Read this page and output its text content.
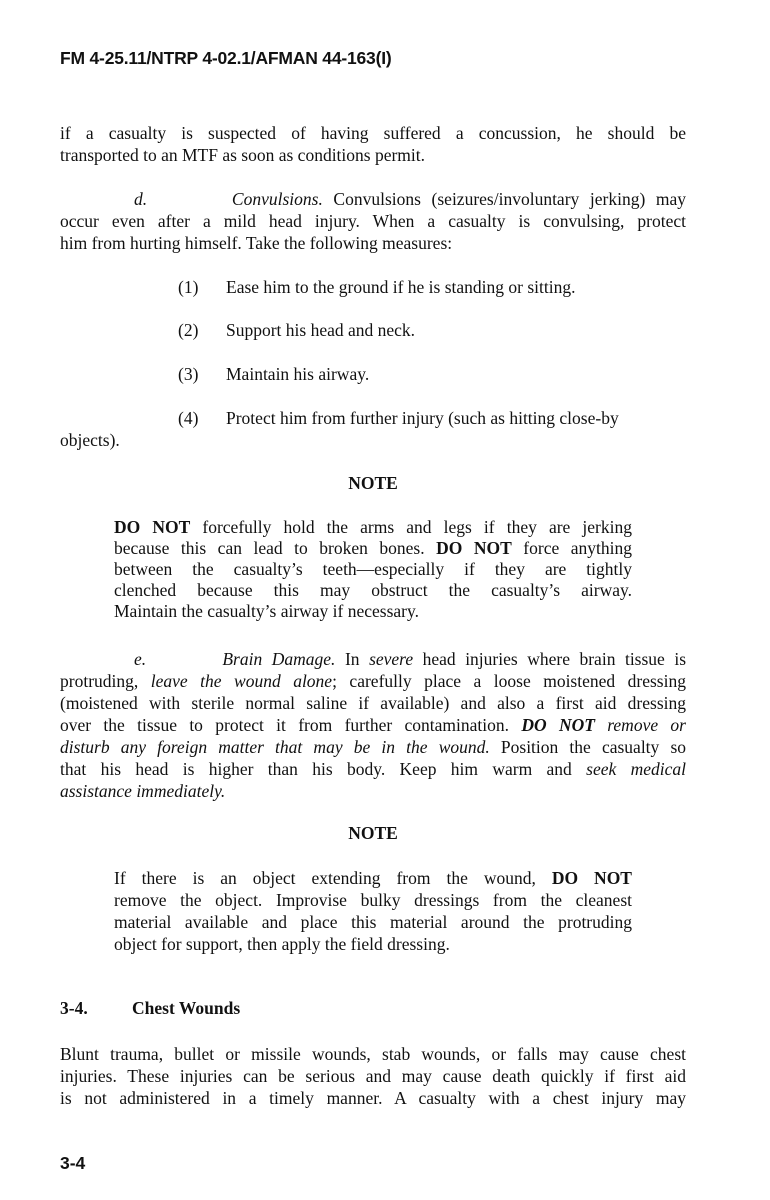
FM 4-25.11/NTRP 4-02.1/AFMAN 44-163(I)
if a casualty is suspected of having suffered a concussion, he should be
transported to an MTF as soon as conditions permit.
d.	Convulsions. Convulsions (seizures/involuntary jerking) may
occur even after a mild head injury. When a casualty is convulsing, protect
him from hurting himself. Take the following measures:
(1) Ease him to the ground if he is standing or sitting.
(2) Support his head and neck.
(3) Maintain his airway.
(4) Protect him from further injury (such as hitting close-by
objects).
NOTE
DO NOT forcefully hold the arms and legs if they are jerking
because this can lead to broken bones. DO NOT force anything
between the casualty’s teeth—especially if they are tightly
clenched because this may obstruct the casualty’s airway.
Maintain the casualty’s airway if necessary.
e.	Brain Damage. In severe head injuries where brain tissue is
protruding, leave the wound alone; carefully place a loose moistened dressing
(moistened with sterile normal saline if available) and also a first aid dressing
over the tissue to protect it from further contamination. DO NOT remove or
disturb any foreign matter that may be in the wound. Position the casualty so
that his head is higher than his body. Keep him warm and seek medical
assistance immediately.
NOTE
If there is an object extending from the wound, DO NOT
remove the object. Improvise bulky dressings from the cleanest
material available and place this material around the protruding
object for support, then apply the field dressing.
3-4.	Chest Wounds
Blunt trauma, bullet or missile wounds, stab wounds, or falls may cause chest
injuries. These injuries can be serious and may cause death quickly if first aid
is not administered in a timely manner. A casualty with a chest injury may
3-4
